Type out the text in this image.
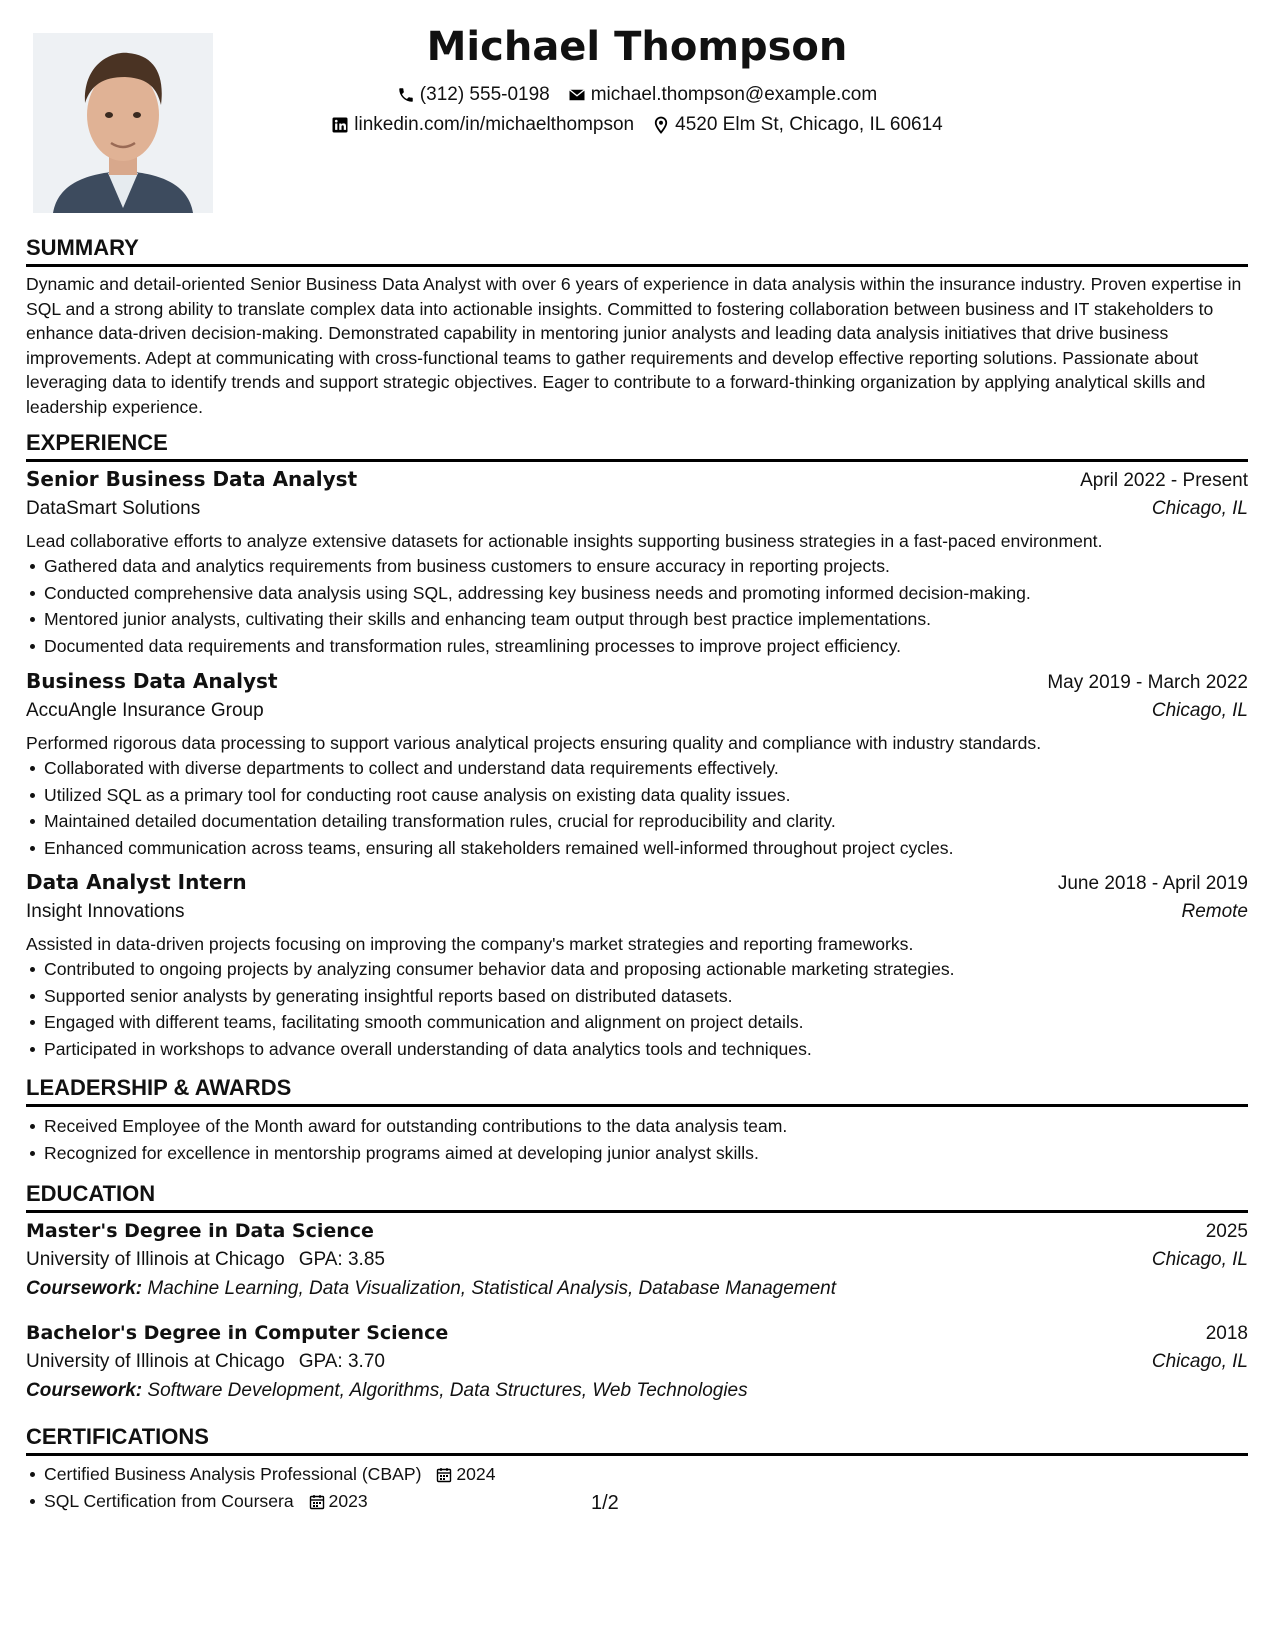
Michael Thompson
(312) 555-0198 michael.thompson@example.com
linkedin.com/in/michaelthompson 4520 Elm St, Chicago, IL 60614
SUMMARY

Dynamic and detail-oriented Senior Business Data Analyst with over 6 years of experience in data analysis within the insurance industry. Proven expertise in SQL and a strong ability to translate complex data into actionable insights. Committed to fostering collaboration between business and IT stakeholders to enhance data-driven decision-making. Demonstrated capability in mentoring junior analysts and leading data analysis initiatives that drive business improvements. Adept at communicating with cross-functional teams to gather requirements and develop effective reporting solutions. Passionate about leveraging data to identify trends and support strategic objectives. Eager to contribute to a forward-thinking organization by applying analytical skills and leadership experience.

EXPERIENCE
Senior Business Data Analyst	April 2022 - Present
DataSmart Solutions	Chicago, IL

Lead collaborative efforts to analyze extensive datasets for actionable insights supporting business strategies in a fast-paced environment.

Gathered data and analytics requirements from business customers to ensure accuracy in reporting projects.
Conducted comprehensive data analysis using SQL, addressing key business needs and promoting informed decision-making.
Mentored junior analysts, cultivating their skills and enhancing team output through best practice implementations.
Documented data requirements and transformation rules, streamlining processes to improve project efficiency.
Business Data Analyst	May 2019 - March 2022
AccuAngle Insurance Group	Chicago, IL

Performed rigorous data processing to support various analytical projects ensuring quality and compliance with industry standards.

Collaborated with diverse departments to collect and understand data requirements effectively.
Utilized SQL as a primary tool for conducting root cause analysis on existing data quality issues.
Maintained detailed documentation detailing transformation rules, crucial for reproducibility and clarity.
Enhanced communication across teams, ensuring all stakeholders remained well-informed throughout project cycles.
Data Analyst Intern	June 2018 - April 2019
Insight Innovations	Remote

Assisted in data-driven projects focusing on improving the company's market strategies and reporting frameworks.

Contributed to ongoing projects by analyzing consumer behavior data and proposing actionable marketing strategies.
Supported senior analysts by generating insightful reports based on distributed datasets.
Engaged with different teams, facilitating smooth communication and alignment on project details.
Participated in workshops to advance overall understanding of data analytics tools and techniques.
LEADERSHIP & AWARDS
Received Employee of the Month award for outstanding contributions to the data analysis team.
Recognized for excellence in mentorship programs aimed at developing junior analyst skills.
EDUCATION
Master's Degree in Data Science	2025
University of Illinois at Chicago GPA: 3.85	Chicago, IL
Coursework: Machine Learning, Data Visualization, Statistical Analysis, Database Management
Bachelor's Degree in Computer Science	2018
University of Illinois at Chicago GPA: 3.70	Chicago, IL
Coursework: Software Development, Algorithms, Data Structures, Web Technologies
CERTIFICATIONS
Certified Business Analysis Professional (CBAP) 2024
SQL Certification from Coursera 2023	1/2
